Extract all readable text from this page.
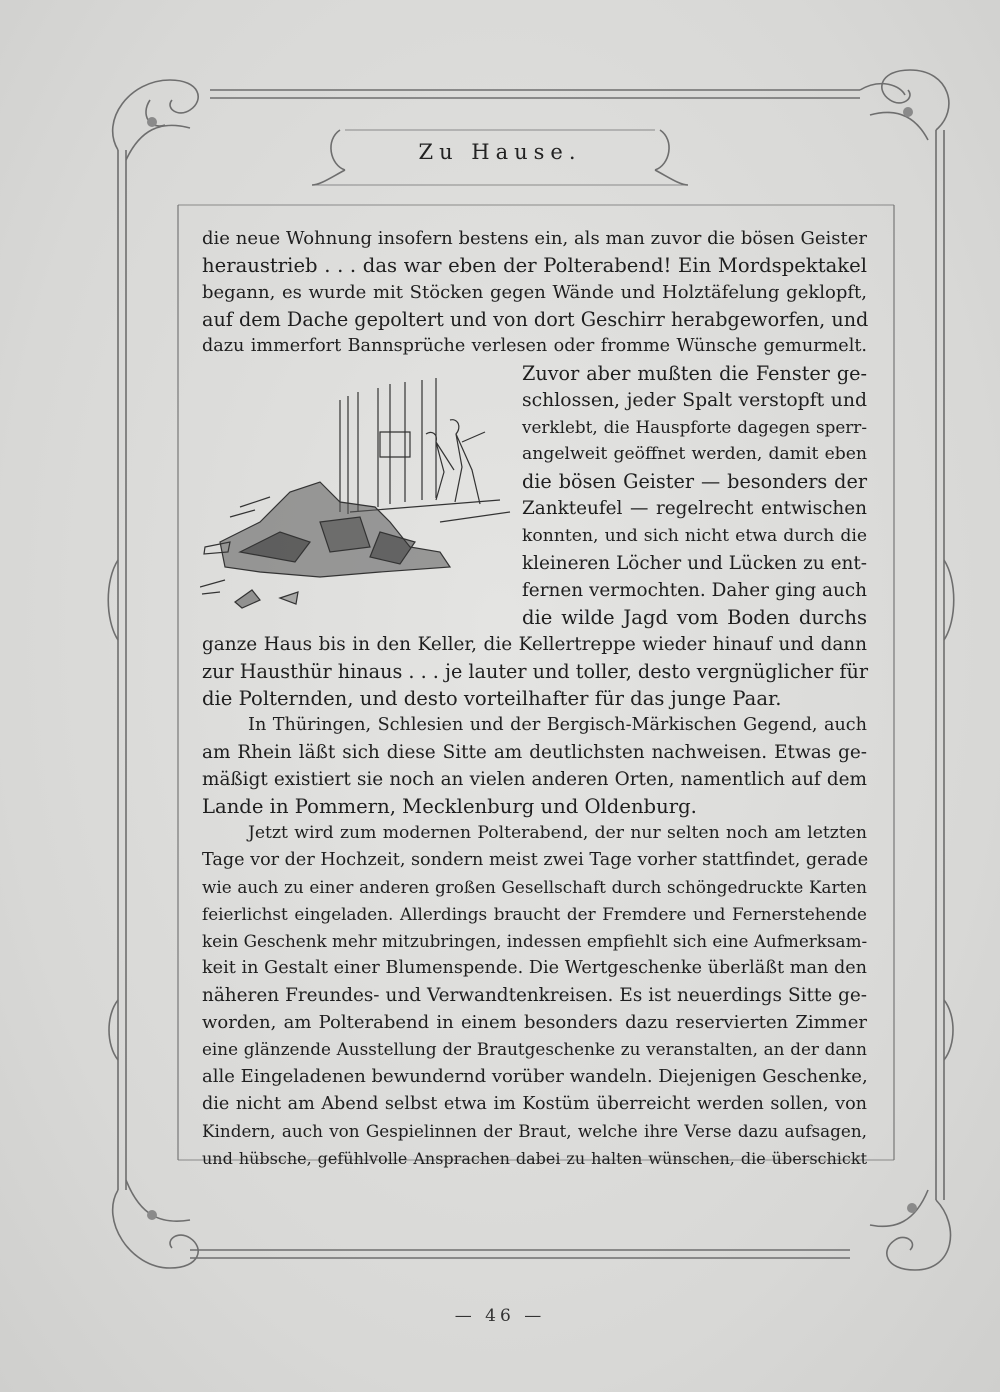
Zu Hause.
die neue Wohnung insofern bestens ein, als man zuvor die bösen Geister
heraustrieb . . . das war eben der Polterabend! Ein Mordspektakel
begann, es wurde mit Stöcken gegen Wände und Holztäfelung geklopft,
auf dem Dache gepoltert und von dort Geschirr herabgeworfen, und
dazu immerfort Bannsprüche verlesen oder fromme Wünsche gemurmelt.
Zuvor aber mußten die Fenster ge-
schlossen, jeder Spalt verstopft und
verklebt, die Hauspforte dagegen sperr-
angelweit geöffnet werden, damit eben
die bösen Geister — besonders der
Zankteufel — regelrecht entwischen
konnten, und sich nicht etwa durch die
kleineren Löcher und Lücken zu ent-
fernen vermochten. Daher ging auch
die wilde Jagd vom Boden durchs
ganze Haus bis in den Keller, die Kellertreppe wieder hinauf und dann
zur Hausthür hinaus . . . je lauter und toller, desto vergnüglicher für
die Polternden, und desto vorteilhafter für das junge Paar.
In Thüringen, Schlesien und der Bergisch-Märkischen Gegend, auch
am Rhein läßt sich diese Sitte am deutlichsten nachweisen. Etwas ge-
mäßigt existiert sie noch an vielen anderen Orten, namentlich auf dem
Lande in Pommern, Mecklenburg und Oldenburg.
Jetzt wird zum modernen Polterabend, der nur selten noch am letzten
Tage vor der Hochzeit, sondern meist zwei Tage vorher stattfindet, gerade
wie auch zu einer anderen großen Gesellschaft durch schöngedruckte Karten
feierlichst eingeladen. Allerdings braucht der Fremdere und Fernerstehende
kein Geschenk mehr mitzubringen, indessen empfiehlt sich eine Aufmerksam-
keit in Gestalt einer Blumenspende. Die Wertgeschenke überläßt man den
näheren Freundes- und Verwandtenkreisen. Es ist neuerdings Sitte ge-
worden, am Polterabend in einem besonders dazu reservierten Zimmer
eine glänzende Ausstellung der Brautgeschenke zu veranstalten, an der dann
alle Eingeladenen bewundernd vorüber wandeln. Diejenigen Geschenke,
die nicht am Abend selbst etwa im Kostüm überreicht werden sollen, von
Kindern, auch von Gespielinnen der Braut, welche ihre Verse dazu aufsagen,
und hübsche, gefühlvolle Ansprachen dabei zu halten wünschen, die überschickt
— 46 —
